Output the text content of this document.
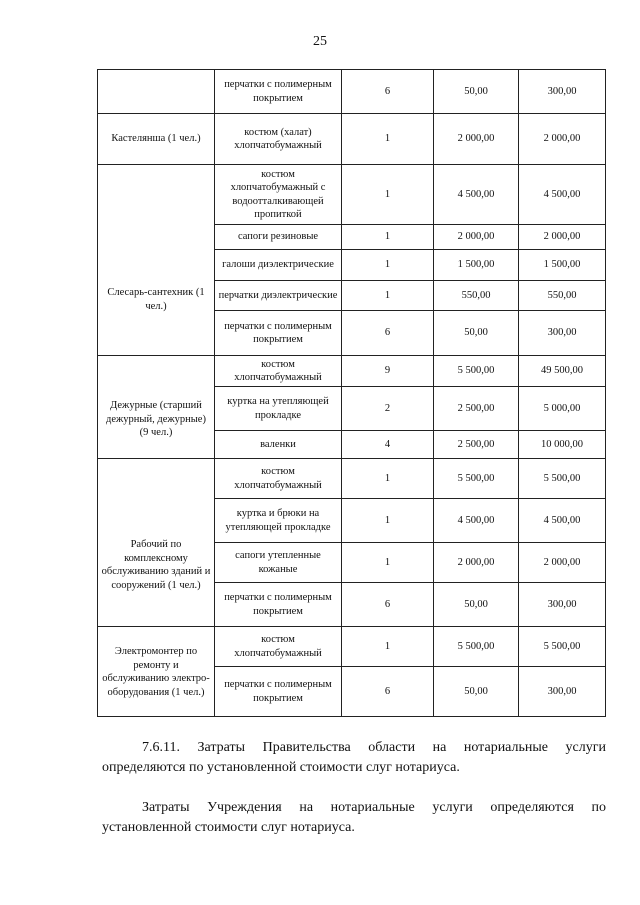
25
	перчатки с полимерным покрытием	6	50,00	300,00
Кастелянша (1 чел.)	костюм (халат) хлопчатобумажный	1	2 000,00	2 000,00
Слесарь-сантехник (1 чел.)	костюм хлопчатобумажный с водоотталкивающей пропиткой	1	4 500,00	4 500,00
	сапоги резиновые	1	2 000,00	2 000,00
	галоши диэлектрические	1	1 500,00	1 500,00
	перчатки диэлектрические	1	550,00	550,00
	перчатки с полимерным покрытием	6	50,00	300,00
Дежурные (старший дежурный, дежурные) (9 чел.)	костюм хлопчатобумажный	9	5 500,00	49 500,00
	куртка на утепляющей прокладке	2	2 500,00	5 000,00
	валенки	4	2 500,00	10 000,00
Рабочий по комплексному обслуживанию зданий и сооружений (1 чел.)	костюм хлопчатобумажный	1	5 500,00	5 500,00
	куртка и брюки на утепляющей прокладке	1	4 500,00	4 500,00
	сапоги утепленные кожаные	1	2 000,00	2 000,00
	перчатки с полимерным покрытием	6	50,00	300,00
Электромонтер по ремонту и обслуживанию электро-оборудования (1 чел.)	костюм хлопчатобумажный	1	5 500,00	5 500,00
	перчатки с полимерным покрытием	6	50,00	300,00

7.6.11. Затраты Правительства области на нотариальные услуги определяются по установленной стоимости слуг нотариуса.

Затраты Учреждения на нотариальные услуги определяются по установленной стоимости слуг нотариуса.
